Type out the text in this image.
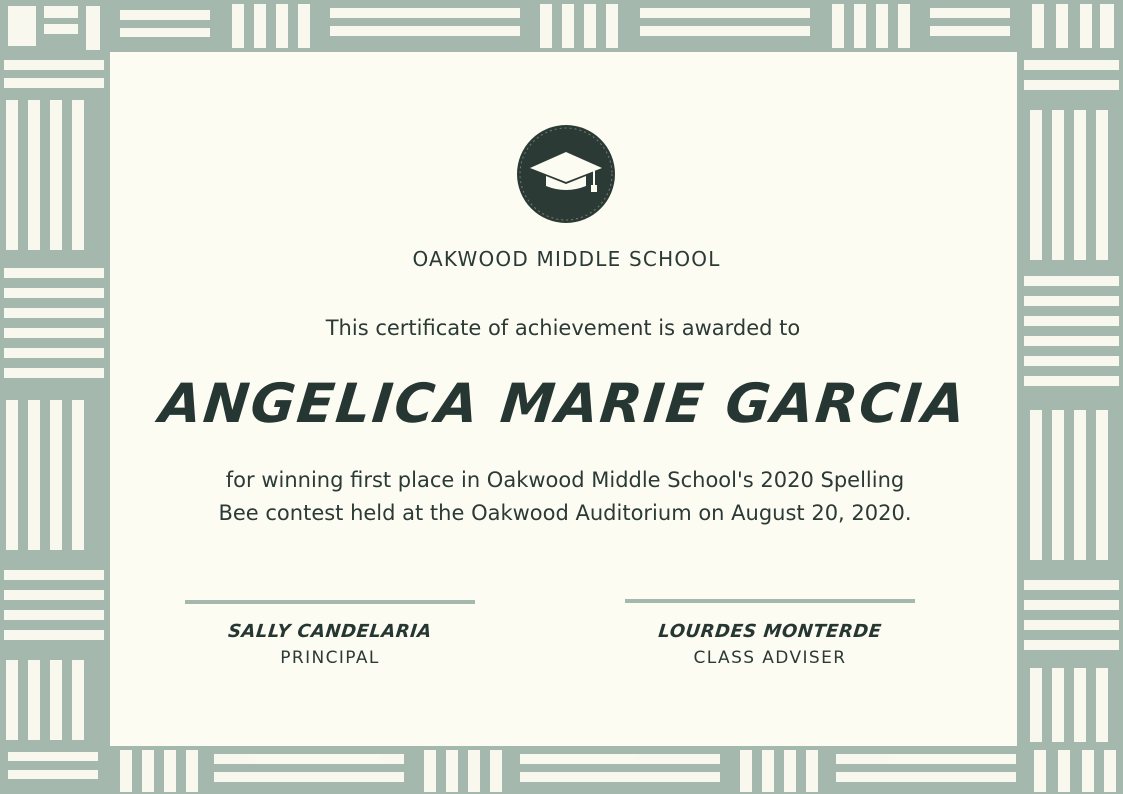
OAKWOOD MIDDLE SCHOOL
This certificate of achievement is awarded to
ANGELICA MARIE GARCIA
for winning first place in Oakwood Middle School's 2020 Spelling
Bee contest held at the Oakwood Auditorium on August 20, 2020.
SALLY CANDELARIA
PRINCIPAL
LOURDES MONTERDE
CLASS ADVISER
